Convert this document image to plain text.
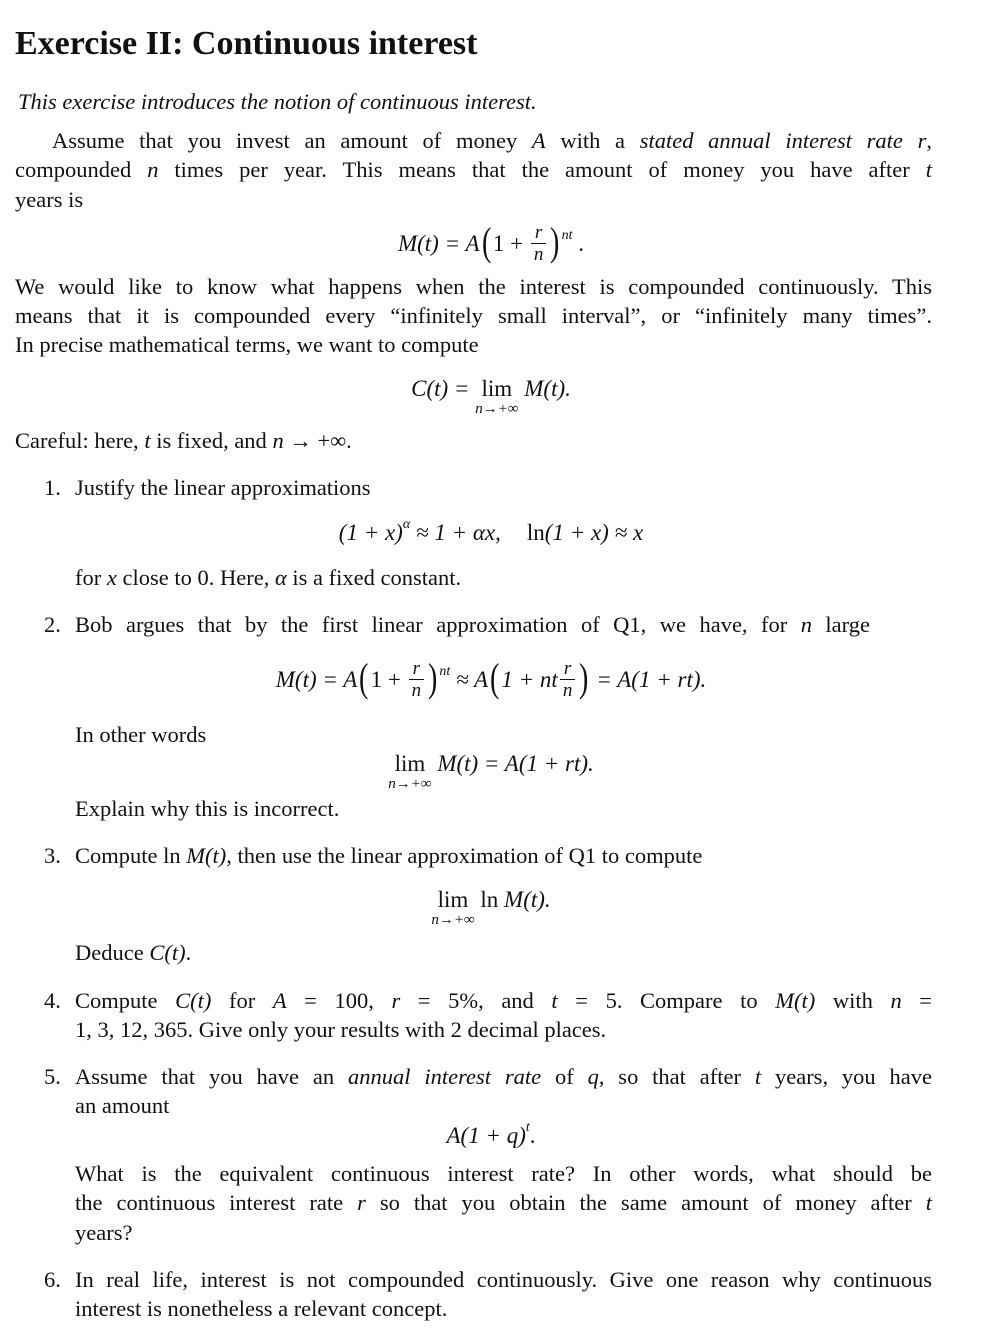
Exercise II: Continuous interest
This exercise introduces the notion of continuous interest.
Assume that you invest an amount of money A with a stated annual interest rate r,
compounded n times per year. This means that the amount of money you have after t
years is
$M(t) = A(1 + \frac{r}{n}$ ) $^{nt}$ .
We would like to know what happens when the interest is compounded continuously. This
means that it is compounded every “infinitely small interval”, or “infinitely many times”.
In precise mathematical terms, we want to compute
C(t) = lim
n→+∞
M(t).
Careful: here, t is fixed, and n → +∞.
1. Justify the linear approximations
$(1 + x)^\alpha \approx 1 + \alpha x$, ln(1 + x) ≈ x
for x close to 0. Here, α is a fixed constant.
2. Bob argues that by the first linear approximation of Q1, we have, for n large
$M(t) = A(1 + \frac{r}{n}$ ) $^{nt}$ ≈ A(1 + nt $\frac{r}{n}$ ) = A(1 + rt).
In other words
lim
n→+∞
M(t) = A(1 + rt).
Explain why this is incorrect.
3. Compute ln M(t), then use the linear approximation of Q1 to compute
lim
n→+∞
ln M(t).
Deduce C(t).
4. Compute C(t) for A = 100, r = 5%, and t = 5. Compare to M(t) with n =
1, 3, 12, 365. Give only your results with 2 decimal places.
5. Assume that you have an annual interest rate of q, so that after t years, you have
an amount
$A(1 + q)^t$.
What is the equivalent continuous interest rate? In other words, what should be
the continuous interest rate r so that you obtain the same amount of money after t
years?
6. In real life, interest is not compounded continuously. Give one reason why continuous
interest is nonetheless a relevant concept.
